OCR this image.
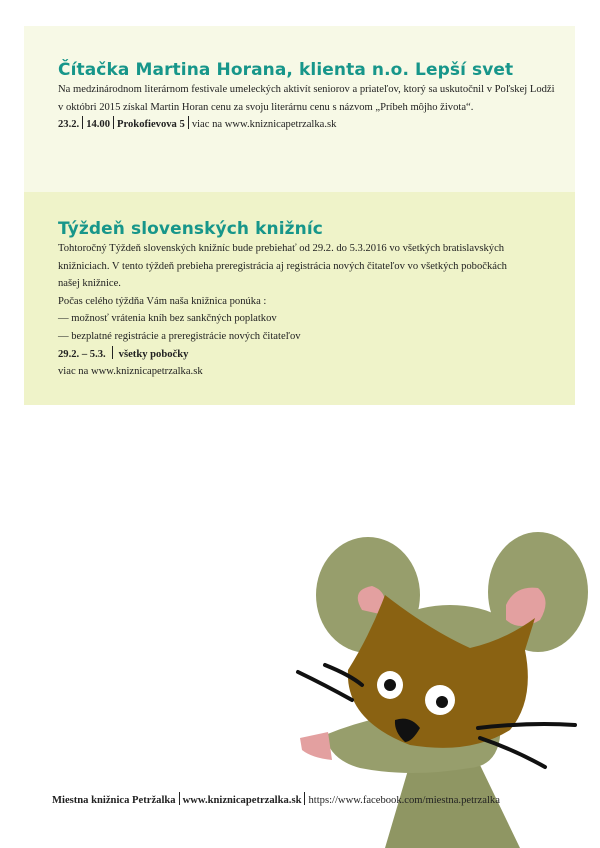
Čítačka Martina Horana, klienta n.o. Lepší svet

Na medzinárodnom literárnom festivale umeleckých aktivít seniorov a priateľov, ktorý sa uskutočnil v Poľskej Lodži v októbri 2015 získal Martin Horan cenu za svoju literárnu cenu s názvom „Príbeh môjho života“.

23.2. 14.00 Prokofievova 5 viac na www.kniznicapetrzalka.sk
Týždeň slovenských knižníc

Tohtoročný Týždeň slovenských knižníc bude prebiehať od 29.2. do 5.3.2016 vo všetkých bratislavských knižniciach. V tento týždeň prebieha preregistrácia aj registrácia nových čitateľov vo všetkých pobočkách našej knižnice.

Počas celého týždňa Vám naša knižnica ponúka :

— možnosť vrátenia kníh bez sankčných poplatkov

— bezplatné registrácie a preregistrácie nových čitateľov

29.2. – 5.3. všetky pobočky

viac na www.kniznicapetrzalka.sk

Miestna knižnica Petržalka www.kniznicapetrzalka.sk https://www.facebook.com/miestna.petrzalka
